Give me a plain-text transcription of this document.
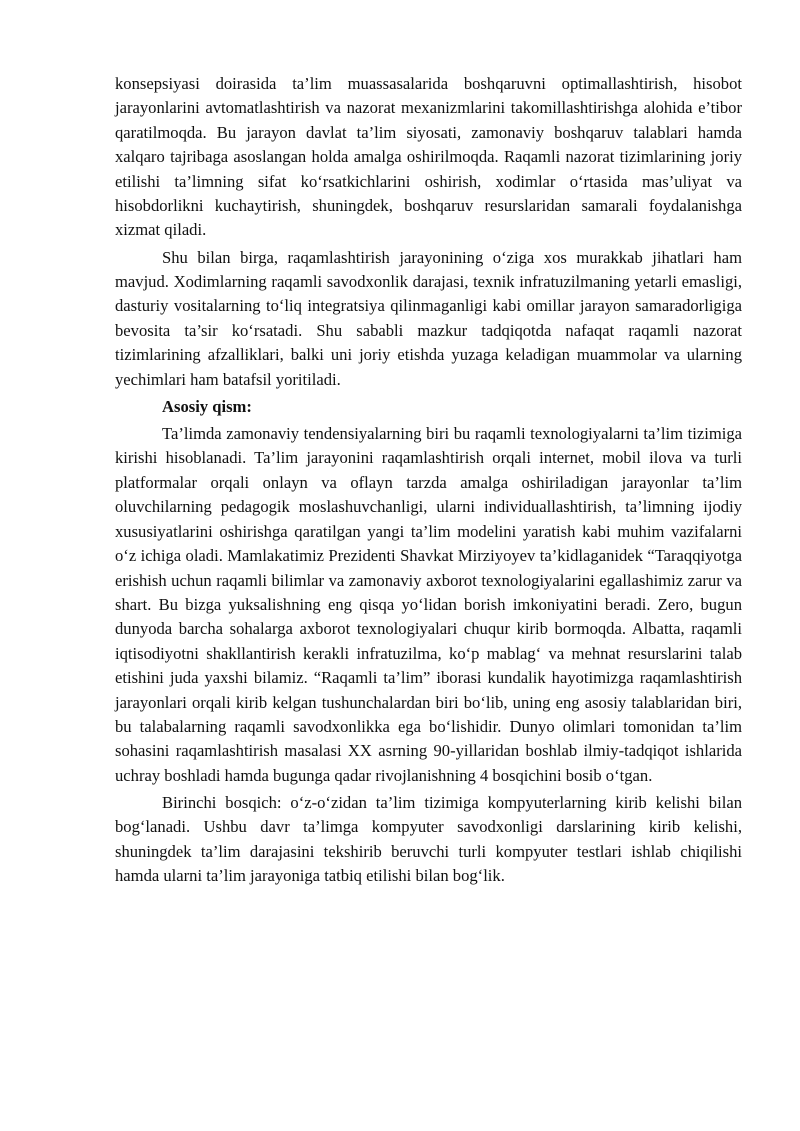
konsepsiyasi doirasida ta’lim muassasalarida boshqaruvni optimallashtirish, hisobot jarayonlarini avtomatlashtirish va nazorat mexanizmlarini takomillashtirishga alohida e’tibor qaratilmoqda. Bu jarayon davlat ta’lim siyosati, zamonaviy boshqaruv talablari hamda xalqaro tajribaga asoslangan holda amalga oshirilmoqda. Raqamli nazorat tizimlarining joriy etilishi ta’limning sifat ko‘rsatkichlarini oshirish, xodimlar o‘rtasida mas’uliyat va hisobdorlikni kuchaytirish, shuningdek, boshqaruv resurslaridan samarali foydalanishga xizmat qiladi.

Shu bilan birga, raqamlashtirish jarayonining o‘ziga xos murakkab jihatlari ham mavjud. Xodimlarning raqamli savodxonlik darajasi, texnik infratuzilmaning yetarli emasligi, dasturiy vositalarning to‘liq integratsiya qilinmaganligi kabi omillar jarayon samaradorligiga bevosita ta’sir ko‘rsatadi. Shu sababli mazkur tadqiqotda nafaqat raqamli nazorat tizimlarining afzalliklari, balki uni joriy etishda yuzaga keladigan muammolar va ularning yechimlari ham batafsil yoritiladi.

Asosiy qism:

Ta’limda zamonaviy tendensiyalarning biri bu raqamli texnologiyalarni ta’lim tizimiga kirishi hisoblanadi. Ta’lim jarayonini raqamlashtirish orqali internet, mobil ilova va turli platformalar orqali onlayn va oflayn tarzda amalga oshiriladigan jarayonlar ta’lim oluvchilarning pedagogik moslashuvchanligi, ularni individuallashtirish, ta’limning ijodiy xususiyatlarini oshirishga qaratilgan yangi ta’lim modelini yaratish kabi muhim vazifalarni o‘z ichiga oladi. Mamlakatimiz Prezidenti Shavkat Mirziyoyev ta’kidlaganidek “Taraqqiyotga erishish uchun raqamli bilimlar va zamonaviy axborot texnologiyalarini egallashimiz zarur va shart. Bu bizga yuksalishning eng qisqa yo‘lidan borish imkoniyatini beradi. Zero, bugun dunyoda barcha sohalarga axborot texnologiyalari chuqur kirib bormoqda. Albatta, raqamli iqtisodiyotni shakllantirish kerakli infratuzilma, ko‘p mablag‘ va mehnat resurslarini talab etishini juda yaxshi bilamiz. “Raqamli ta’lim” iborasi kundalik hayotimizga raqamlashtirish jarayonlari orqali kirib kelgan tushunchalardan biri bo‘lib, uning eng asosiy talablaridan biri, bu talabalarning raqamli savodxonlikka ega bo‘lishidir. Dunyo olimlari tomonidan ta’lim sohasini raqamlashtirish masalasi XX asrning 90-yillaridan boshlab ilmiy-tadqiqot ishlarida uchray boshladi hamda bugunga qadar rivojlanishning 4 bosqichini bosib o‘tgan.

Birinchi bosqich: o‘z-o‘zidan ta’lim tizimiga kompyuterlarning kirib kelishi bilan bog‘lanadi. Ushbu davr ta’limga kompyuter savodxonligi darslarining kirib kelishi, shuningdek ta’lim darajasini tekshirib beruvchi turli kompyuter testlari ishlab chiqilishi hamda ularni ta’lim jarayoniga tatbiq etilishi bilan bog‘lik.
